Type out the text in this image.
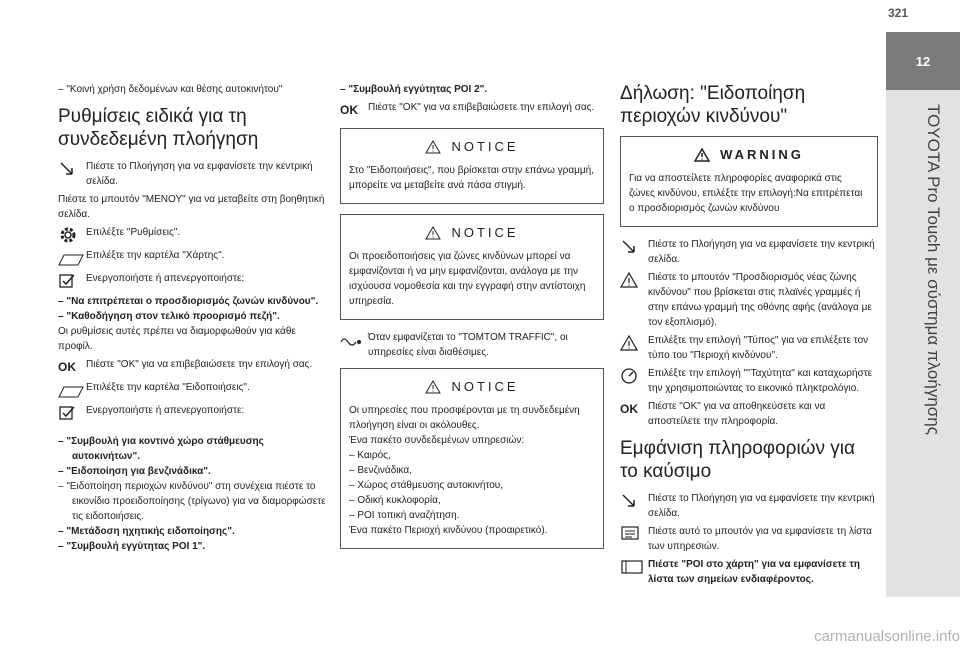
321
12
TOYOTA Pro Touch με σύστημα πλοήγησης

– "Κοινή χρήση δεδομένων και θέσης αυτοκινήτου"

Ρυθμίσεις ειδικά για τη συνδεδεμένη πλοήγηση
Πιέστε το Πλοήγηση για να εμφανίσετε την κεντρική σελίδα.

Πιέστε το μπουτόν "ΜΕΝΟΥ" για να μεταβείτε στη βοηθητική σελίδα.

Επιλέξτε "Ρυθμίσεις".
Επιλέξτε την καρτέλα "Χάρτης".
Ενεργοποιήστε ή απενεργοποιήστε:

– "Να επιτρέπεται ο προσδιορισμός ζωνών κινδύνου".

– "Καθοδήγηση στον τελικό προορισμό πεζή".

Οι ρυθμίσεις αυτές πρέπει να διαμορφωθούν για κάθε προφίλ.

OK Πιέστε "OK" για να επιβεβαιώσετε την επιλογή σας.
Επιλέξτε την καρτέλα "Ειδοποιήσεις".
Ενεργοποιήστε ή απενεργοποιήστε:

– "Συμβουλή για κοντινό χώρο στάθμευσης αυτοκινήτων".

– "Ειδοποίηση για βενζινάδικα".

– "Ειδοποίηση περιοχών κινδύνου" στη συνέχεια πιέστε το εικονίδιο προειδοποίησης (τρίγωνο) για να διαμορφώσετε τις ειδοποιήσεις.

– "Μετάδοση ηχητικής ειδοποίησης".

– "Συμβουλή εγγύτητας POI 1".

– "Συμβουλή εγγύτητας POI 2".

OK Πιέστε "OK" για να επιβεβαιώσετε την επιλογή σας.
NOTICE

Στο "Ειδοποιήσεις", που βρίσκεται στην επάνω γραμμή, μπορείτε να μεταβείτε ανά πάσα στιγμή.

NOTICE

Οι προειδοποιήσεις για ζώνες κινδύνων μπορεί να εμφανίζονται ή να μην εμφανίζονται, ανάλογα με την ισχύουσα νομοθεσία και την εγγραφή στην αντίστοιχη υπηρεσία.

Όταν εμφανίζεται το "TOMTOM TRAFFIC", οι υπηρεσίες είναι διαθέσιμες.
NOTICE

Οι υπηρεσίες που προσφέρονται με τη συνδεδεμένη πλοήγηση είναι οι ακόλουθες.

Ένα πακέτο συνδεδεμένων υπηρεσιών:

– Καιρός,

– Βενζινάδικα,

– Χώρος στάθμευσης αυτοκινήτου,

– Οδική κυκλοφορία,

– POI τοπική αναζήτηση.

Ένα πακέτο Περιοχή κινδύνου (προαιρετικό).

Δήλωση: "Ειδοποίηση περιοχών κινδύνου"
WARNING

Για να αποστείλετε πληροφορίες αναφορικά στις ζώνες κινδύνου, επιλέξτε την επιλογή:Να επιτρέπεται ο προσδιορισμός ζωνών κινδύνου

Πιέστε το Πλοήγηση για να εμφανίσετε την κεντρική σελίδα.
Πιέστε το μπουτόν "Προσδιορισμός νέας ζώνης κινδύνου" που βρίσκεται στις πλαϊνές γραμμές ή στην επάνω γραμμή της οθόνης αφής (ανάλογα με τον εξοπλισμό).
Επιλέξτε την επιλογή "Τύπος" για να επιλέξετε τον τύπο του "Περιοχή κινδύνου".
Επιλέξτε την επιλογή ""Ταχύτητα" και καταχωρήστε την χρησιμοποιώντας το εικονικό πληκτρολόγιο.
OK Πιέστε "OK" για να αποθηκεύσετε και να αποστείλετε την πληροφορία.
Εμφάνιση πληροφοριών για το καύσιμο
Πιέστε το Πλοήγηση για να εμφανίσετε την κεντρική σελίδα.
Πιέστε αυτό το μπουτόν για να εμφανίσετε τη λίστα των υπηρεσιών.
Πιέστε "POI στο χάρτη" για να εμφανίσετε τη λίστα των σημείων ενδιαφέροντος.
carmanualsonline.info
